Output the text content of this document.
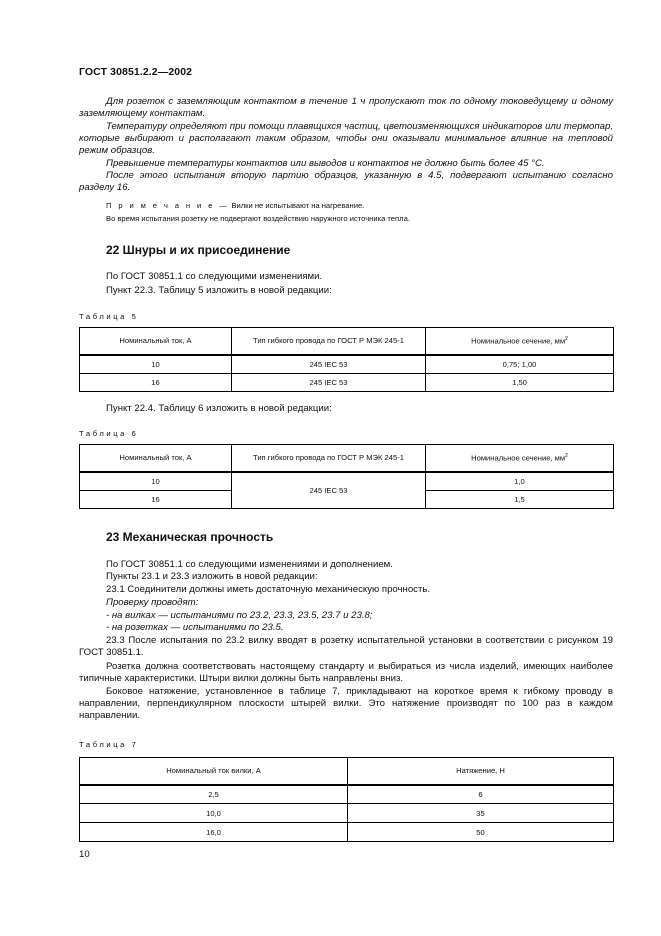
ГОСТ 30851.2.2—2002

Для розеток с заземляющим контактом в течение 1 ч пропускают ток по одному токоведущему и одному заземляющему контактам.

Температуру определяют при помощи плавящихся частиц, цветоизменяющихся индикаторов или термопар, которые выбирают и располагают таким образом, чтобы они оказывали минимальное влияние на тепловой режим образцов.

Превышение температуры контактов или выводов и контактов не должно быть более 45 °С.

После этого испытания вторую партию образцов, указанную в 4.5, подвергают испытанию согласно разделу 16.

П р и м е ч а н и е — Вилки не испытывают на нагревание.

Во время испытания розетку не подвергают воздействию наружного источника тепла.

22 Шнуры и их присоединение

По ГОСТ 30851.1 со следующими изменениями.

Пункт 22.3. Таблицу 5 изложить в новой редакции:

Таблица 5
Номинальный ток, А	Тип гибкого провода по ГОСТ Р МЭК 245-1	Номинальное сечение, $мм^2$
10	245 IEC 53	0,75; 1,00
16	245 IEC 53	1,50

Пункт 22.4. Таблицу 6 изложить в новой редакции:

Таблица 6
Номинальный ток, А	Тип гибкого провода по ГОСТ Р МЭК 245-1	Номинальное сечение, $мм^2$
10	245 IEC 53	1,0
16		1,5
23 Механическая прочность

По ГОСТ 30851.1 со следующими изменениями и дополнением.

Пункты 23.1 и 23.3 изложить в новой редакции:

23.1 Соединители должны иметь достаточную механическую прочность.

Проверку проводят:

- на вилках — испытаниями по 23.2, 23.3, 23.5, 23.7 и 23.8;

- на розетках — испытаниями по 23.5.

23.3 После испытания по 23.2 вилку вводят в розетку испытательной установки в соответствии с рисунком 19 ГОСТ 30851.1.

Розетка должна соответствовать настоящему стандарту и выбираться из числа изделий, имеющих наиболее типичные характеристики. Штыри вилки должны быть направлены вниз.

Боковое натяжение, установленное в таблице 7, прикладывают на короткое время к гибкому проводу в направлении, перпендикулярном плоскости штырей вилки. Это натяжение производят по 100 раз в каждом направлении.

Таблица 7
Номинальный ток вилки, А	Натяжение, Н
2,5	6
10,0	35
16,0	50
10
